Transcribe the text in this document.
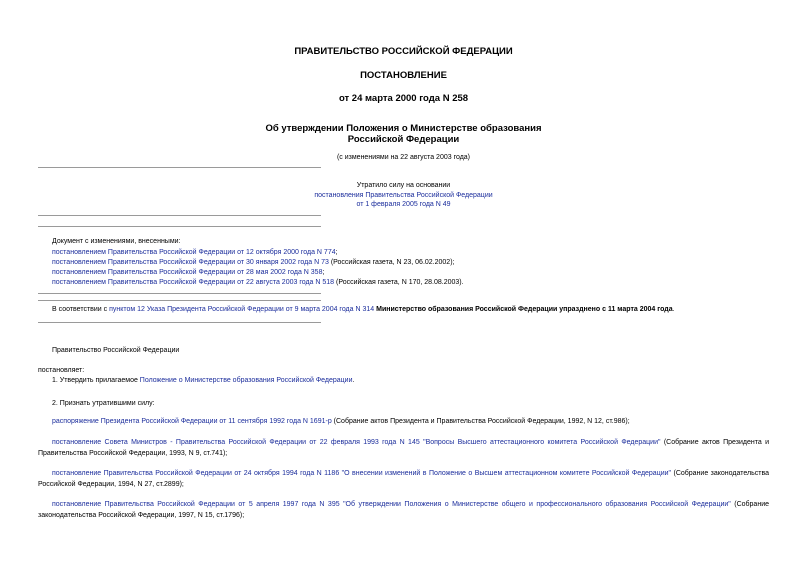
ПРАВИТЕЛЬСТВО РОССИЙСКОЙ ФЕДЕРАЦИИ
ПОСТАНОВЛЕНИЕ
от 24 марта 2000 года N 258
Об утверждении Положения о Министерстве образования
Российской Федерации
(с изменениями на 22 августа 2003 года)
Утратило силу на основании
постановления Правительства Российской Федерации
от 1 февраля 2005 года N 49
Документ с изменениями, внесенными:
постановлением Правительства Российской Федерации от 12 октября 2000 года N 774;
постановлением Правительства Российской Федерации от 30 января 2002 года N 73 (Российская газета, N 23, 06.02.2002);
постановлением Правительства Российской Федерации от 28 мая 2002 года N 358;
постановлением Правительства Российской Федерации от 22 августа 2003 года N 518 (Российская газета, N 170, 28.08.2003).
В соответствии с пунктом 12 Указа Президента Российской Федерации от 9 марта 2004 года N 314 Министерство образования Российской Федерации упразднено с 11 марта 2004 года.
Правительство Российской Федерации
постановляет:
1. Утвердить прилагаемое Положение о Министерстве образования Российской Федерации.
2. Признать утратившими силу:
распоряжение Президента Российской Федерации от 11 сентября 1992 года N 1691-р (Собрание актов Президента и Правительства Российской Федерации, 1992, N 12, ст.986);
постановление Совета Министров - Правительства Российской Федерации от 22 февраля 1993 года N 145 "Вопросы Высшего аттестационного комитета Российской Федерации" (Собрание актов Президента и Правительства Российской Федерации, 1993, N 9, ст.741);
постановление Правительства Российской Федерации от 24 октября 1994 года N 1186 "О внесении изменений в Положение о Высшем аттестационном комитете Российской Федерации" (Собрание законодательства Российской Федерации, 1994, N 27, ст.2899);
постановление Правительства Российской Федерации от 5 апреля 1997 года N 395 "Об утверждении Положения о Министерстве общего и профессионального образования Российской Федерации" (Собрание законодательства Российской Федерации, 1997, N 15, ст.1796);
